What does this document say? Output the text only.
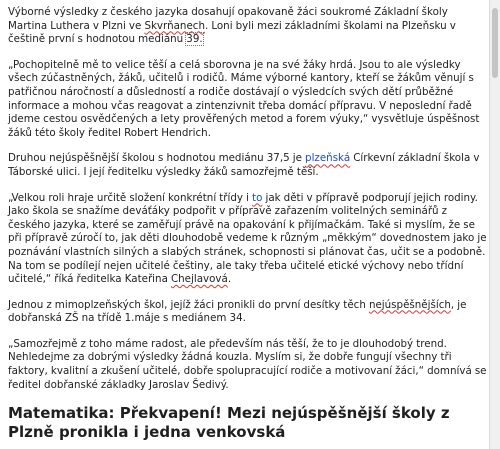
Výborné výsledky z českého jazyka dosahují opakovaně žáci soukromé Základní školy Martina Luthera v Plzni ve Skvrňanech. Loni byli mezi základními školami na Plzeňsku v češtině první s hodnotou mediánu 39.

„Pochopitelně mě to velice těší a celá sborovna je na své žáky hrdá. Jsou to ale výsledky všech zúčastněných, žáků, učitelů i rodičů. Máme výborné kantory, kteří se žákům věnují s patřičnou náročností a důsledností a rodiče dostávají o výsledcích svých dětí průběžné informace a mohou včas reagovat a zintenzivnit třeba domácí přípravu. V neposlední řadě jdeme cestou osvědčených a lety prověřených metod a forem výuky,“ vysvětluje úspěšnost žáků této školy ředitel Robert Hendrich.

Druhou nejúspěšnější školou s hodnotou mediánu 37,5 je plzeňská Církevní základní škola v Táborské ulici. I její ředitelku výsledky žáků samozřejmě těší.

„Velkou roli hraje určitě složení konkrétní třídy i to jak děti v přípravě podporují jejich rodiny. Jako škola se snažíme deváťáky podpořit v přípravě zařazením volitelných seminářů z českého jazyka, které se zaměřují právě na opakování k přijímačkám. Také si myslím, že se při přípravě zúročí to, jak děti dlouhodobě vedeme k různým „měkkým“ dovednostem jako je poznávání vlastních silných a slabých stránek, schopnosti si plánovat čas, učit se a podobně. Na tom se podílejí nejen učitelé češtiny, ale taky třeba učitelé etické výchovy nebo třídní učitelé,“ říká ředitelka Kateřina Chejlavová.

Jednou z mimoplzeňských škol, jejíž žáci pronikli do první desítky těch nejúspěšnějších, je dobřanská ZŠ na třídě 1.máje s mediánem 34.

„Samozřejmě z toho máme radost, ale především nás těší, že to je dlouhodobý trend. Nehledejme za dobrými výsledky žádná kouzla. Myslím si, že dobře fungují všechny tři faktory, kvalitní a zkušení učitelé, dobře spolupracující rodiče a motivovaní žáci,“ domnívá se ředitel dobřanské základky Jaroslav Šedivý.

Matematika: Překvapení! Mezi nejúspěšnější školy z Plzně pronikla i jedna venkovská
